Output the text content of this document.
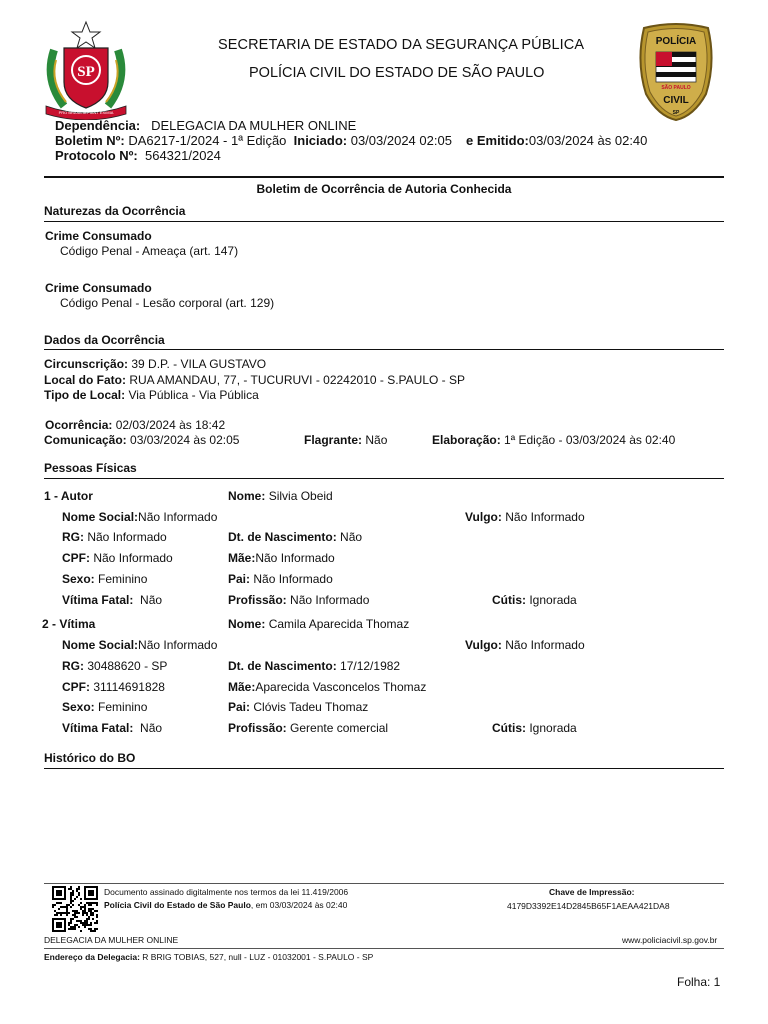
SP
PRO BRASILIA FIANT EXIMIA
SECRETARIA DE ESTADO DA SEGURANÇA PÚBLICA
POLÍCIA CIVIL DO ESTADO DE SÃO PAULO
POLÍCIA
SÃO PAULO
CIVIL
SP
Dependência: DELEGACIA DA MULHER ONLINE
Boletim Nº: DA6217-1/2024 - 1ª Edição Iniciado: 03/03/2024 02:05 e Emitido:03/03/2024 às 02:40
Protocolo Nº: 564321/2024
Boletim de Ocorrência de Autoria Conhecida
Naturezas da Ocorrência
Crime Consumado
Código Penal - Ameaça (art. 147)
Crime Consumado
Código Penal - Lesão corporal (art. 129)
Dados da Ocorrência
Circunscrição: 39 D.P. - VILA GUSTAVO
Local do Fato: RUA AMANDAU, 77, - TUCURUVI - 02242010 - S.PAULO - SP
Tipo de Local: Via Pública - Via Pública
Ocorrência: 02/03/2024 às 18:42
Comunicação: 03/03/2024 às 02:05	Flagrante: Não	Elaboração: 1ª Edição - 03/03/2024 às 02:40
Pessoas Físicas
1 - Autor	Nome: Silvia Obeid
Nome Social:Não Informado	Vulgo: Não Informado
RG: Não Informado	Dt. de Nascimento: Não
CPF: Não Informado	Mãe:Não Informado
Sexo: Feminino	Pai: Não Informado
Vítima Fatal: Não	Profissão: Não Informado	Cútis: Ignorada
2 - Vítima	Nome: Camila Aparecida Thomaz
Nome Social:Não Informado	Vulgo: Não Informado
RG: 30488620 - SP	Dt. de Nascimento: 17/12/1982
CPF: 31114691828	Mãe:Aparecida Vasconcelos Thomaz
Sexo: Feminino	Pai: Clóvis Tadeu Thomaz
Vítima Fatal: Não	Profissão: Gerente comercial	Cútis: Ignorada
Histórico do BO
Documento assinado digitalmente nos termos da lei 11.419/2006
Polícia Civil do Estado de São Paulo, em 03/03/2024 às 02:40
Chave de Impressão:
4179D3392E14D2845B65F1AEAA421DA8
DELEGACIA DA MULHER ONLINE	www.policiacivil.sp.gov.br
Endereço da Delegacia: R BRIG TOBIAS, 527, null - LUZ - 01032001 - S.PAULO - SP
Folha: 1
